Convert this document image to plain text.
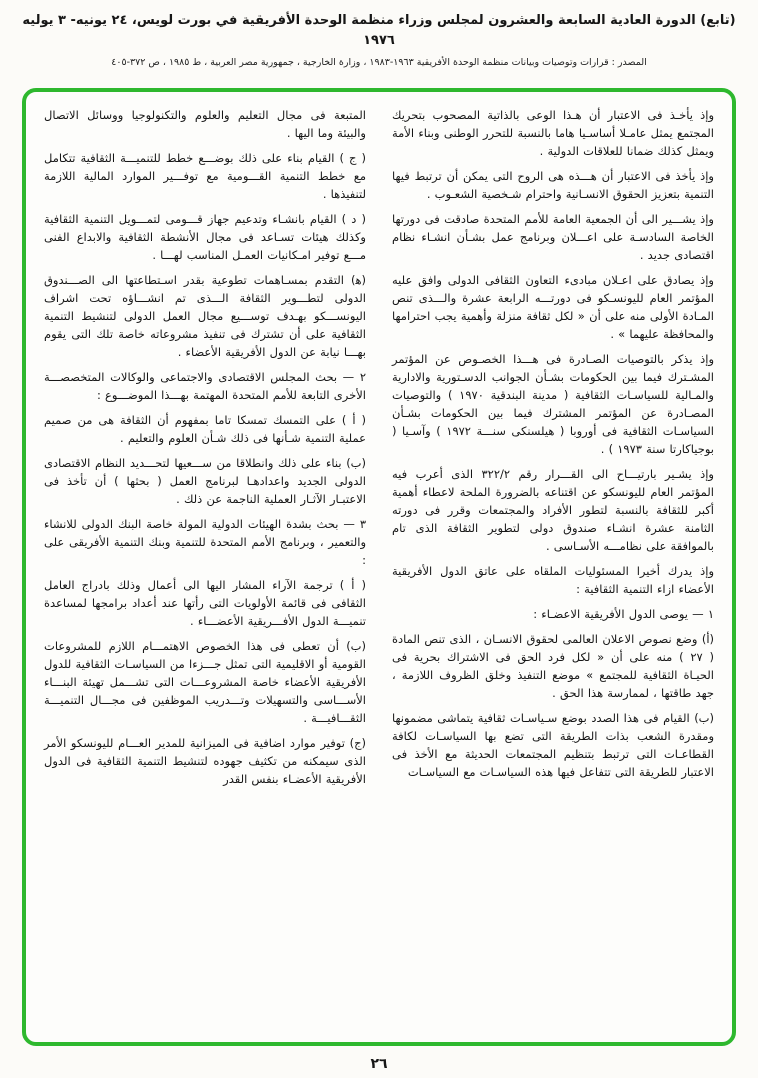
(تابع) الدورة العادية السابعة والعشرون لمجلس وزراء منظمة الوحدة الأفريقية في بورت لويس، ٢٤ يونيه- ٣ يوليه ١٩٧٦
المصدر : قرارات وتوصيات وبيانات منظمة الوحدة الأفريقية ١٩٦٣-١٩٨٣ ، وزارة الخارجية ، جمهورية مصر العربية ، ط ١٩٨٥ ، ص ٣٧٢-٤٠٥

وإذ يأخـذ فى الاعتبار أن هـذا الوعى بالذاتية المصحوب بتحريك المجتمع يمثل عامـلا أساسـيا هاما بالنسبة للتحرر الوطنى وبناء الأمة ويمثل كذلك ضمانا للعلاقات الدولية .

وإذ يأخذ فى الاعتبار أن هـــذه هى الروح التى يمكن أن ترتبط فيها التنمية بتعزيز الحقوق الانسـانية واحترام شـخصية الشعـوب .

وإذ يشـــير الى أن الجمعية العامة للأمم المتحدة صادقت فى دورتها الخاصة السادسـة على اعـــلان وبرنامج عمل بشـأن انشـاء نظام اقتصادى جديد .

وإذ يصادق على اعـلان مبادىء التعاون الثقافى الدولى وافق عليه المؤتمر العام لليونسـكو فى دورتـــه الرابعة عشرة والـــذى تنص المـادة الأولى منه على أن « لكل ثقافة منزلة وأهمية يجب احترامها والمحافظة عليهما » .

وإذ يذكر بالتوصيات الصـادرة فى هـــذا الخصـوص عن المؤتمر المشـترك فيما بين الحكومات بشـأن الجوانب الدسـتورية والادارية والمـالية للسياسـات الثقافية ( مدينة البندقية ١٩٧٠ ) والتوصيات المصـادرة عن المؤتمر المشترك فيما بين الحكومات بشـأن السياسـات الثقافية فى أوروبا ( هيلسنكى سنـــة ١٩٧٢ ) وآسـيا ( بوجياكارتا سنة ١٩٧٣ ) .

وإذ يشـير بارتيـــاح الى القـــرار رقم ٣٢٢/٢ الذى أعرب فيه المؤتمر العام لليونسكو عن اقتناعه بالضرورة الملحة لاعطاء أهمية أكبر للثقافة بالنسبة لتطور الأفراد والمجتمعات وقرر فى دورته الثامنة عشرة انشـاء صندوق دولى لتطوير الثقافة الذى تام بالموافقة على نظامـــه الأسـاسى .

وإذ يدرك أخيرا المسئوليات الملقاه على عاتق الدول الأفريقية الأعضاء ازاء التنمية الثقافية :

١ — يوصى الدول الأفريقية الاعضـاء :

(أ) وضع نصوص الاعلان العالمى لحقوق الانسـان ، الذى تنص المادة ( ٢٧ ) منه على أن « لكل فرد الحق فى الاشتراك بحرية فى الحيـاة الثقافية للمجتمع » موضع التنفيذ وخلق الظروف اللازمة ، جهد طاقتها ، لممارسة هذا الحق .

(ب) القيام فى هذا الصدد بوضع سـياسـات ثقافية يتماشى مضمونها ومقدرة الشعب بذات الطريقة التى تضع بها السياسـات لكافة القطاعـات التى ترتبط بتنظيم المجتمعات الحديثة مع الأخذ فى الاعتبار للطريقة التى تتفاعل فيها هذه السياسـات مع السياسـات

المتبعة فى مجال التعليم والعلوم والتكنولوجيا ووسائل الاتصال والبيئة وما اليها .

( ج ) القيام بناء على ذلك بوضـــع خطط للتنميـــة الثقافية تتكامل مع خطط التنمية القـــومية مع توفـــير الموارد المالية اللازمة لتنفيذها .

( د ) القيام بانشـاء وتدعيم جهاز قـــومى لتمـــويل التنمية الثقافية وكذلك هيئات تسـاعد فى مجال الأنشطة الثقافية والابداع الفنى مـــع توفير امـكانيات العمـل المناسب لهـــا .

(ﻫ) التقدم بمسـاهمات تطوعية بقدر اسـتطاعتها الى الصـــندوق الدولى لتطـــوير الثقافة الـــذى تم انشـــاؤه تحت اشراف اليونســـكو بهـدف توســـيع مجال العمل الدولى لتنشيط التنمية الثقافية على أن تشترك فى تنفيذ مشروعاته خاصة تلك التى يقوم بهـــا نيابة عن الدول الأفريقية الأعضاء .

٢ — بحث المجلس الاقتصادى والاجتماعى والوكالات المتخصصـــة الأخرى التابعة للأمم المتحدة المهتمة بهـــذا الموضـــوع :

( أ ) على التمسك تمسكا تاما بمفهوم أن الثقافة هى من صميم عملية التنمية شـأنها فى ذلك شـأن العلوم والتعليم .

(ب) بناء على ذلك وانطلاقا من ســـعيها لتحـــديد النظام الاقتصادى الدولى الجديد واعدادهـا لبرنامج العمل ( بحثها ) أن تأخذ فى الاعتبـار الآثـار العملية الناجمة عن ذلك .

٣ — بحث بشدة الهيئات الدولية المولة خاصة البنك الدولى للانشاء والتعمير ، وبرنامج الأمم المتحدة للتنمية وبنك التنمية الأفريقى على :

( أ ) ترجمة الآراء المشار اليها الى أعمال وذلك بادراج العامل الثقافى فى قائمة الأولويات التى رأتها عند أعداد برامجها لمساعدة تنميـــة الدول الأفـــريقية الأعضـــاء .

(ب) أن تعطى فى هذا الخصوص الاهتمـــام اللازم للمشروعات القومية أو الاقليمية التى تمثل جـــزءا من السياسـات الثقافية للدول الأفريقية الأعضاء خاصة المشروعـــات التى تشـــمل تهيئة البنـــاء الأســـاسى والتسهيلات وتـــدريب الموظفين فى مجـــال التنميـــة الثقـــافيـــة .

(ج) توفير موارد اضافية فى الميزانية للمدير العـــام لليونسكو الأمر الذى سيمكنه من تكثيف جهوده لتنشيط التنمية الثقافية فى الدول الأفريقية الأعضـاء بنفس القدر

٢٦
